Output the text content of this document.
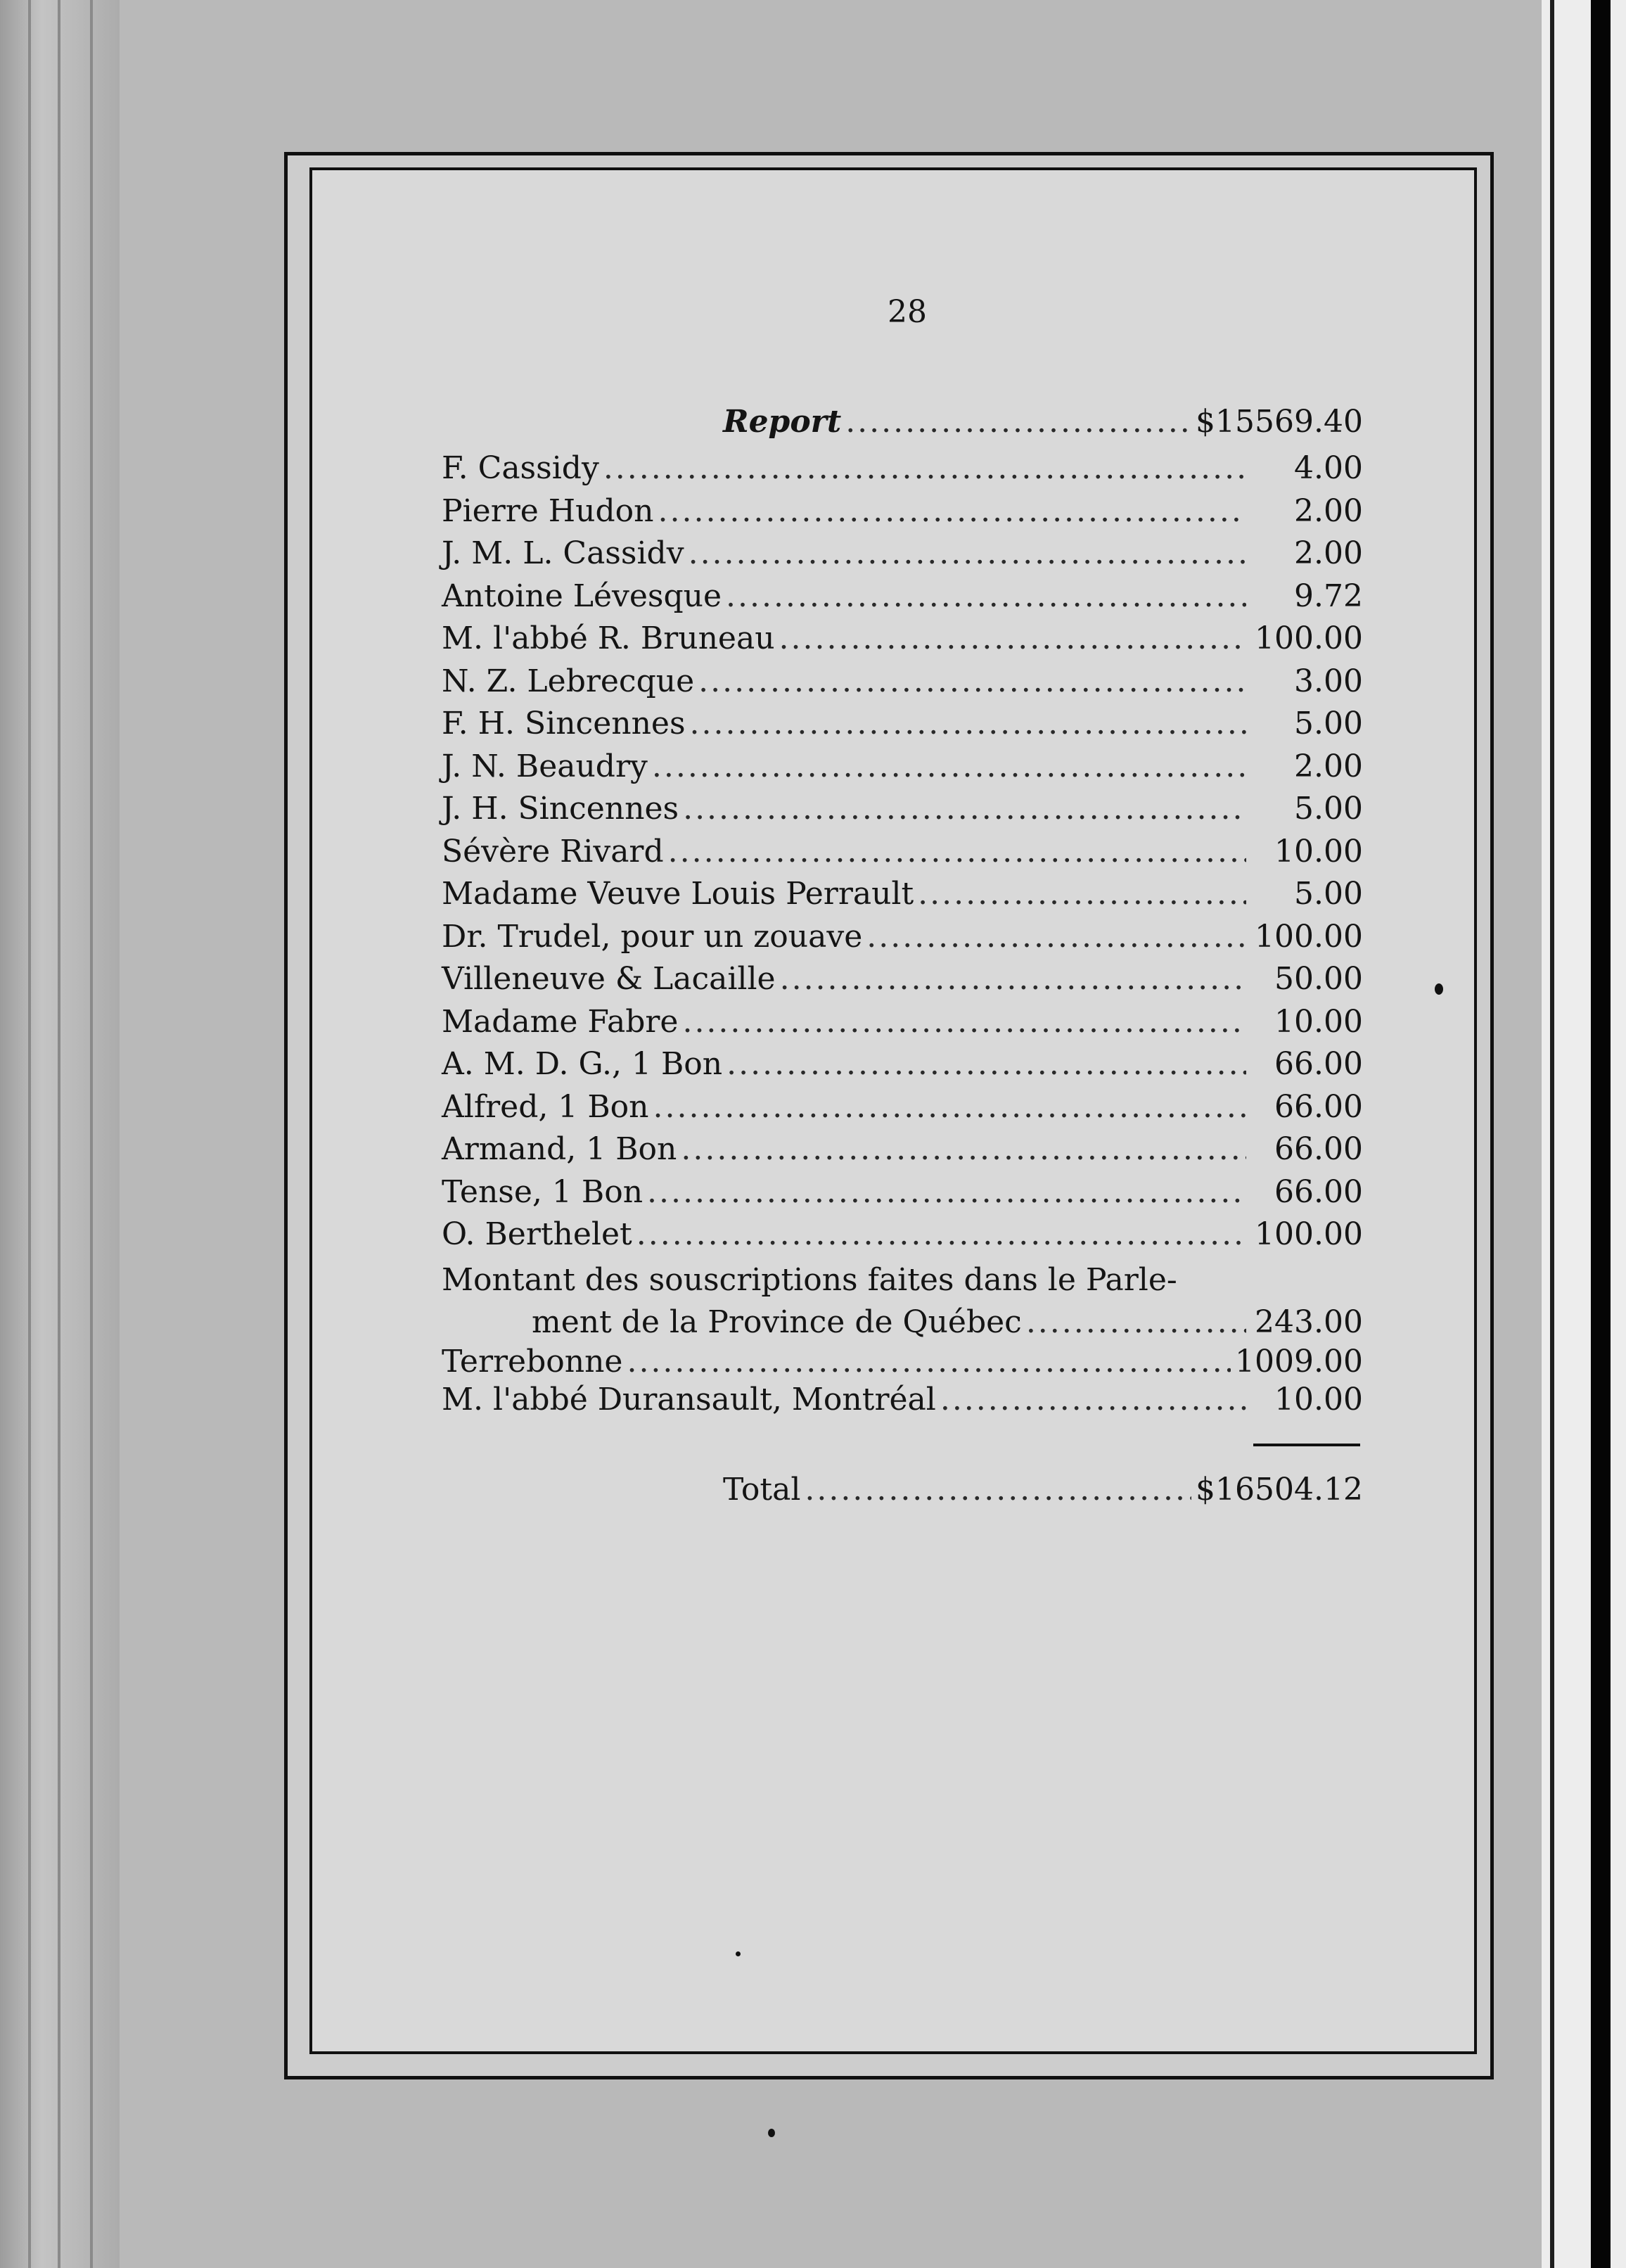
28
Report .....	$15569.40
F. Cassidy .....	4.00
Pierre Hudon .....	2.00
J. M. L. Cassidv .....	2.00
Antoine Lévesque .....	9.72
M. l'abbé R. Bruneau .....	100.00
N. Z. Lebrecque .....	3.00
F. H. Sincennes .....	5.00
J. N. Beaudry .....	2.00
J. H. Sincennes .....	5.00
Sévère Rivard .....	10.00
Madame Veuve Louis Perrault .....	5.00
Dr. Trudel, pour un zouave .....	100.00
Villeneuve & Lacaille .....	50.00
Madame Fabre .....	10.00
A. M. D. G., 1 Bon .....	66.00
Alfred, 1 Bon .....	66.00
Armand, 1 Bon .....	66.00
Tense, 1 Bon .....	66.00
O. Berthelet .....	100.00
Montant des souscriptions faites dans le Parle-
ment de la Province de Québec .....	243.00
Terrebonne .....	1009.00
M. l'abbé Duransault, Montréal .....	10.00
Total .....	$16504.12
